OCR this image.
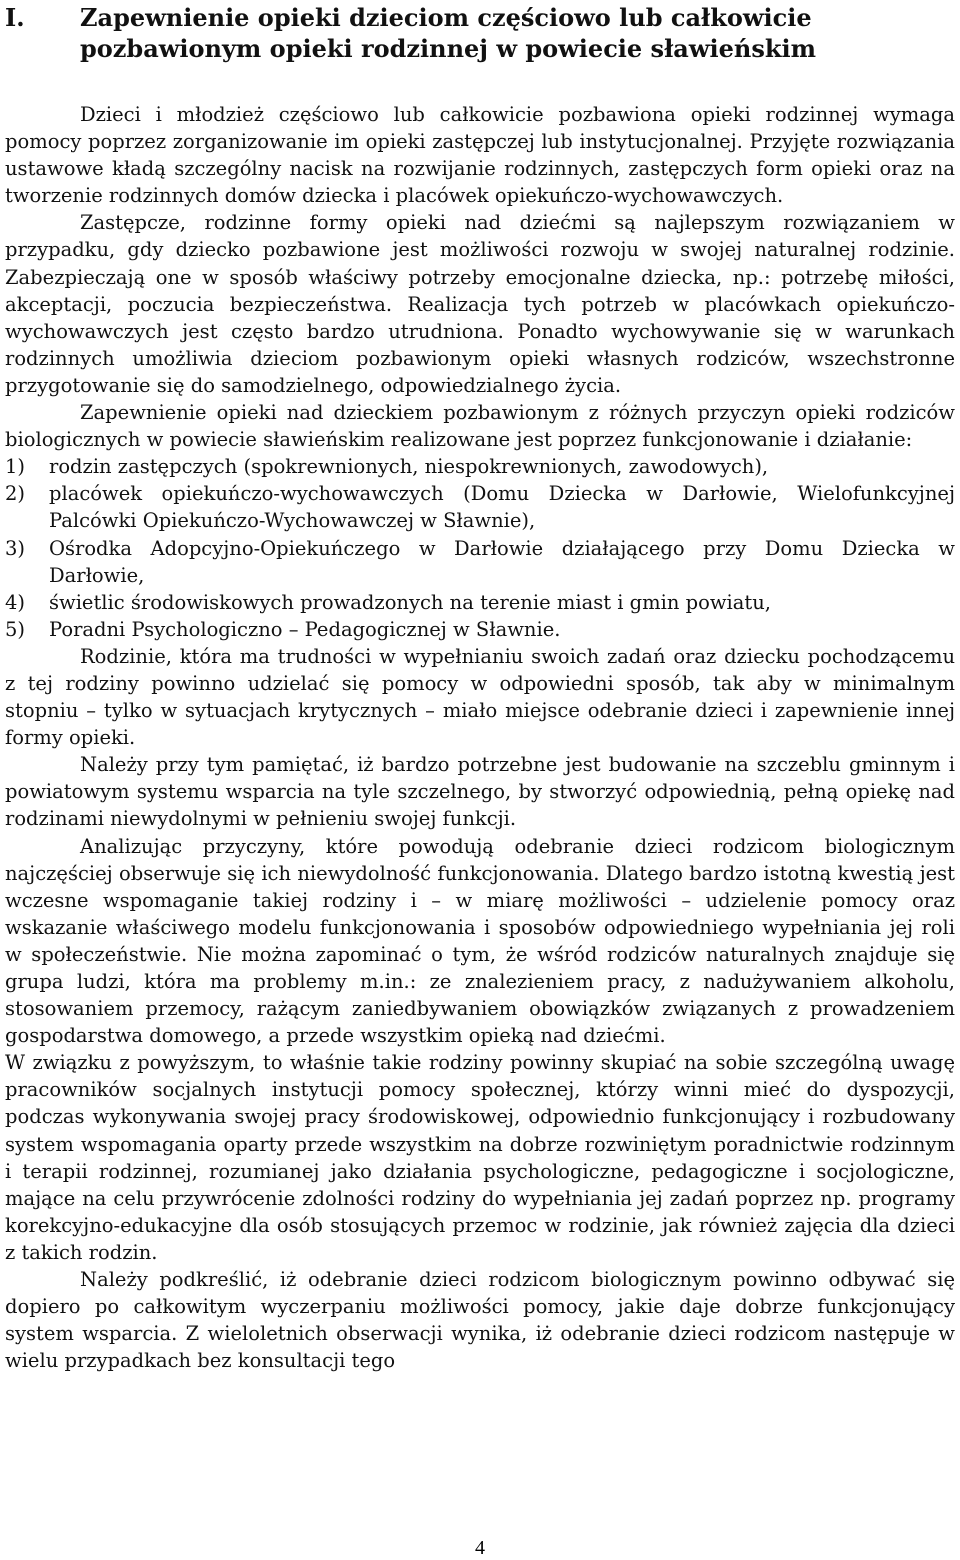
I. Zapewnienie opieki dzieciom częściowo lub całkowicie pozbawionym opieki rodzinnej w powiecie sławieńskim

Dzieci i młodzież częściowo lub całkowicie pozbawiona opieki rodzinnej wymaga pomocy poprzez zorganizowanie im opieki zastępczej lub instytucjonalnej. Przyjęte rozwiązania ustawowe kładą szczególny nacisk na rozwijanie rodzinnych, zastępczych form opieki oraz na tworzenie rodzinnych domów dziecka i placówek opiekuńczo-wychowawczych.

Zastępcze, rodzinne formy opieki nad dziećmi są najlepszym rozwiązaniem w przypadku, gdy dziecko pozbawione jest możliwości rozwoju w swojej naturalnej rodzinie. Zabezpieczają one w sposób właściwy potrzeby emocjonalne dziecka, np.: potrzebę miłości, akceptacji, poczucia bezpieczeństwa. Realizacja tych potrzeb w placówkach opiekuńczo-wychowawczych jest często bardzo utrudniona. Ponadto wychowywanie się w warunkach rodzinnych umożliwia dzieciom pozbawionym opieki własnych rodziców, wszechstronne przygotowanie się do samodzielnego, odpowiedzialnego życia.

Zapewnienie opieki nad dzieckiem pozbawionym z różnych przyczyn opieki rodziców biologicznych w powiecie sławieńskim realizowane jest poprzez funkcjonowanie i działanie:

1) rodzin zastępczych (spokrewnionych, niespokrewnionych, zawodowych),
2) placówek opiekuńczo-wychowawczych (Domu Dziecka w Darłowie, Wielofunkcyjnej Palcówki Opiekuńczo-Wychowawczej w Sławnie),
3) Ośrodka Adopcyjno-Opiekuńczego w Darłowie działającego przy Domu Dziecka w Darłowie,
4) świetlic środowiskowych prowadzonych na terenie miast i gmin powiatu,
5) Poradni Psychologiczno – Pedagogicznej w Sławnie.

Rodzinie, która ma trudności w wypełnianiu swoich zadań oraz dziecku pochodzącemu z tej rodziny powinno udzielać się pomocy w odpowiedni sposób, tak aby w minimalnym stopniu – tylko w sytuacjach krytycznych – miało miejsce odebranie dzieci i zapewnienie innej formy opieki.

Należy przy tym pamiętać, iż bardzo potrzebne jest budowanie na szczeblu gminnym i powiatowym systemu wsparcia na tyle szczelnego, by stworzyć odpowiednią, pełną opiekę nad rodzinami niewydolnymi w pełnieniu swojej funkcji.

Analizując przyczyny, które powodują odebranie dzieci rodzicom biologicznym najczęściej obserwuje się ich niewydolność funkcjonowania. Dlatego bardzo istotną kwestią jest wczesne wspomaganie takiej rodziny i – w miarę możliwości – udzielenie pomocy oraz wskazanie właściwego modelu funkcjonowania i sposobów odpowiedniego wypełniania jej roli w społeczeństwie. Nie można zapominać o tym, że wśród rodziców naturalnych znajduje się grupa ludzi, która ma problemy m.in.: ze znalezieniem pracy, z nadużywaniem alkoholu, stosowaniem przemocy, rażącym zaniedbywaniem obowiązków związanych z prowadzeniem gospodarstwa domowego, a przede wszystkim opieką nad dziećmi.

W związku z powyższym, to właśnie takie rodziny powinny skupiać na sobie szczególną uwagę pracowników socjalnych instytucji pomocy społecznej, którzy winni mieć do dyspozycji, podczas wykonywania swojej pracy środowiskowej, odpowiednio funkcjonujący i rozbudowany system wspomagania oparty przede wszystkim na dobrze rozwiniętym poradnictwie rodzinnym i terapii rodzinnej, rozumianej jako działania psychologiczne, pedagogiczne i socjologiczne, mające na celu przywrócenie zdolności rodziny do wypełniania jej zadań poprzez np. programy korekcyjno-edukacyjne dla osób stosujących przemoc w rodzinie, jak również zajęcia dla dzieci z takich rodzin.

Należy podkreślić, iż odebranie dzieci rodzicom biologicznym powinno odbywać się dopiero po całkowitym wyczerpaniu możliwości pomocy, jakie daje dobrze funkcjonujący system wsparcia. Z wieloletnich obserwacji wynika, iż odebranie dzieci rodzicom następuje w wielu przypadkach bez konsultacji tego

4
